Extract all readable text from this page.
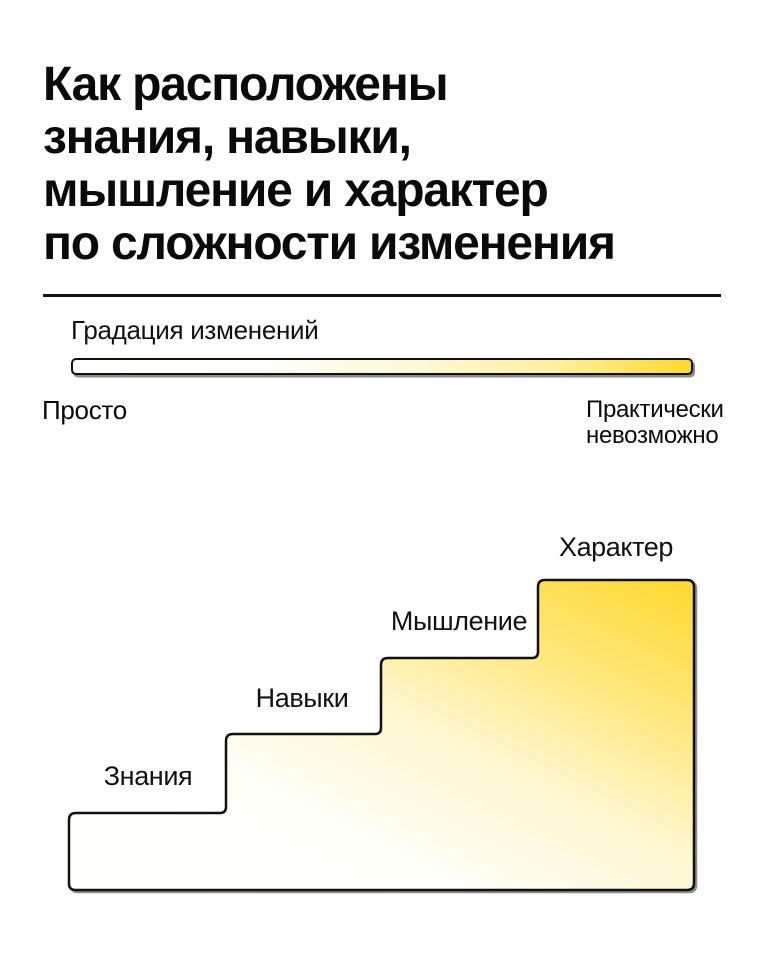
Как расположены
знания, навыки,
мышление и характер
по сложности изменения
Градация изменений
Просто	Практически
невозможно
Знания
Навыки
Мышление
Характер
